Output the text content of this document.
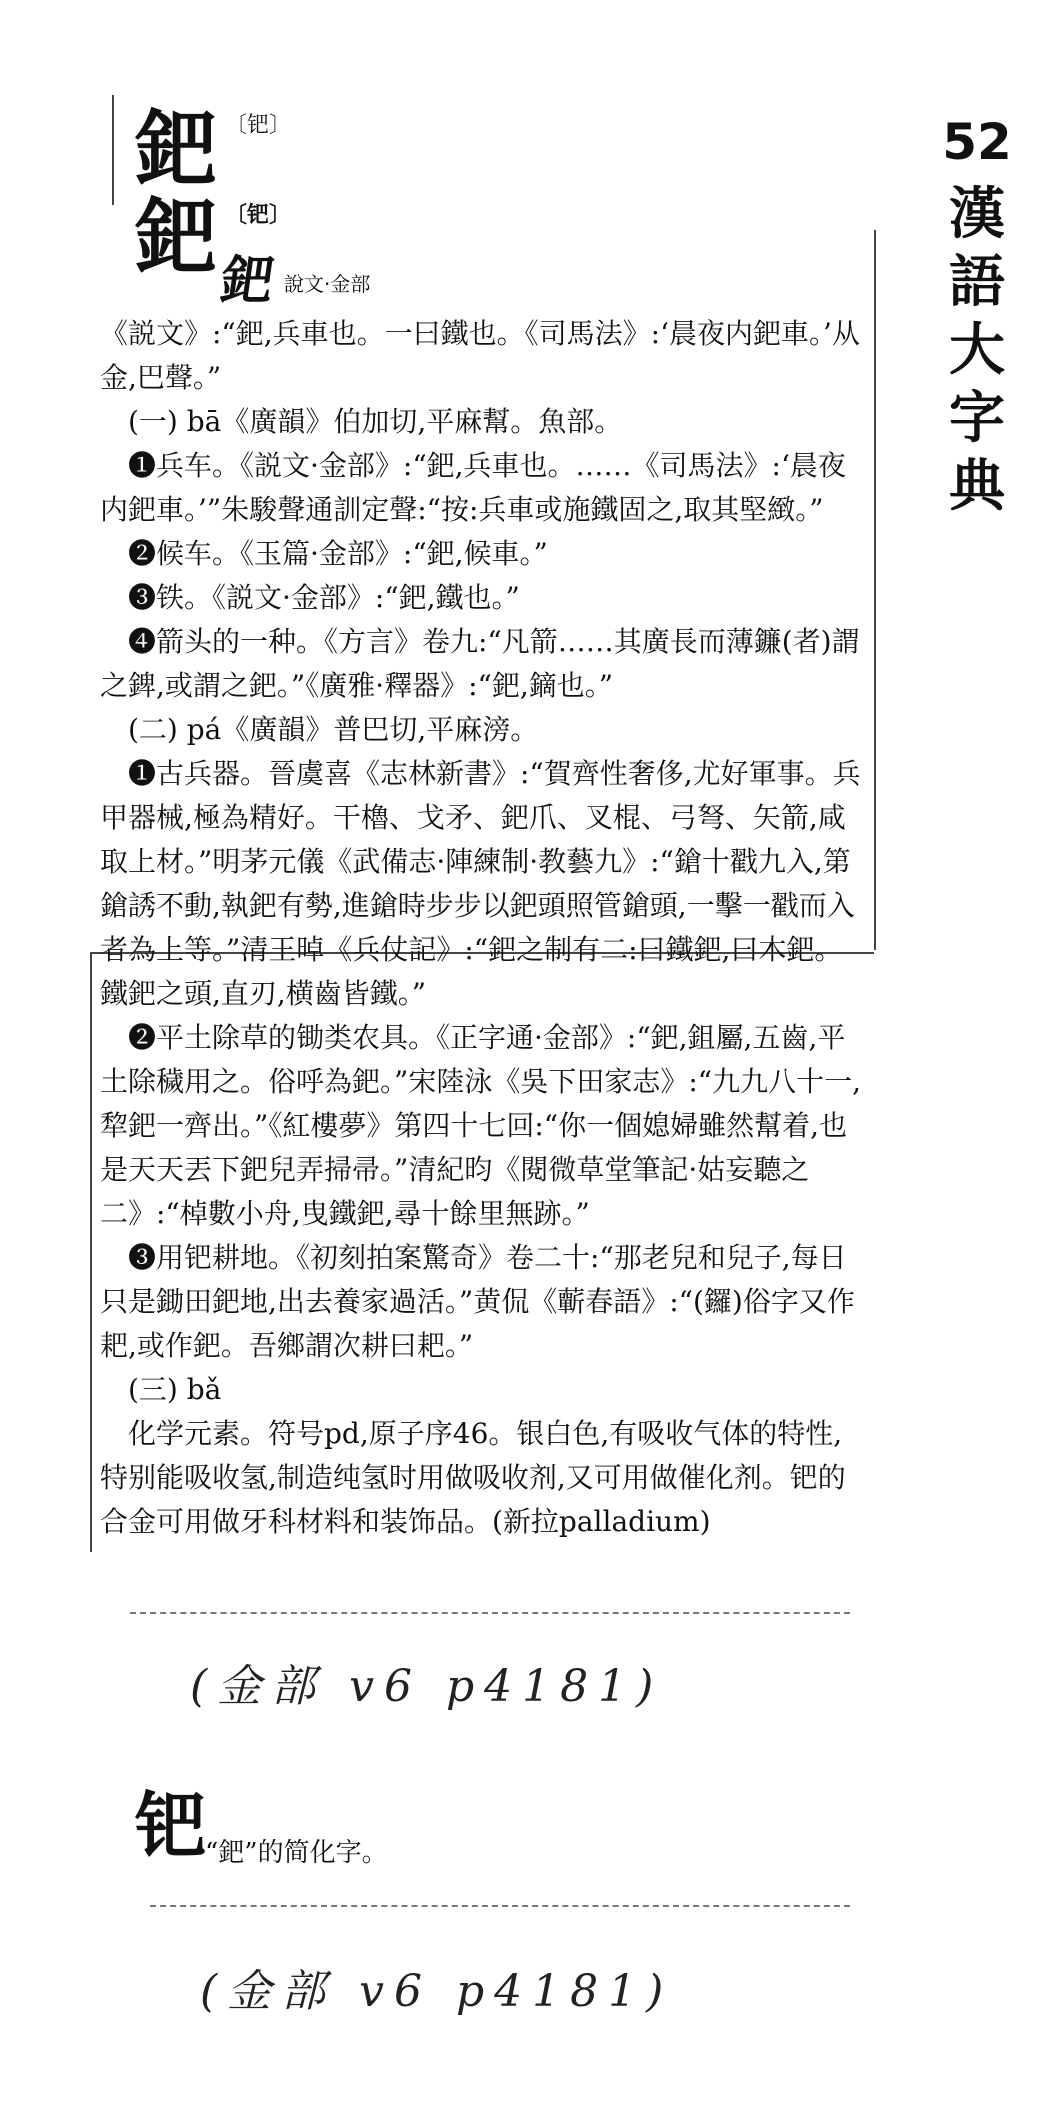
52
漢
語
大
字
典
鈀 〔钯〕
鈀 〔钯〕
鈀 說文·金部

《説文》:“鈀,兵車也。一曰鐵也。《司馬法》:‘晨夜内鈀車。’从金,巴聲。”

(一) bā《廣韻》伯加切,平麻幫。魚部。

❶兵车。《説文·金部》:“鈀,兵車也。……《司馬法》:‘晨夜内鈀車。’”朱駿聲通訓定聲:“按:兵車或施鐵固之,取其堅緻。”

❷候车。《玉篇·金部》:“鈀,候車。”

❸铁。《説文·金部》:“鈀,鐵也。”

❹箭头的一种。《方言》卷九:“凡箭……其廣長而薄鐮(者)謂之錍,或謂之鈀。”《廣雅·釋器》:“鈀,鏑也。”

(二) pá《廣韻》普巴切,平麻滂。

❶古兵器。晉虞喜《志林新書》:“賀齊性奢侈,尤好軍事。兵甲器械,極為精好。干櫓、戈矛、鈀爪、叉棍、弓弩、矢箭,咸取上材。”明茅元儀《武備志·陣練制·教藝九》:“鎗十戳九入,第鎗誘不動,執鈀有勢,進鎗時步步以鈀頭照管鎗頭,一擊一戳而入者為上等。”清王晫《兵仗記》:“鈀之制有二:曰鐵鈀,曰木鈀。鐵鈀之頭,直刃,横齒皆鐵。”

❷平土除草的锄类农具。《正字通·金部》:“鈀,鉏屬,五齒,平土除穢用之。俗呼為鈀。”宋陸泳《吳下田家志》:“九九八十一,犂鈀一齊出。”《紅樓夢》第四十七回:“你一個媳婦雖然幫着,也是天天丟下鈀兒弄掃帚。”清紀昀《閱微草堂筆記·姑妄聽之二》:“棹數小舟,曳鐵鈀,尋十餘里無跡。”

❸用钯耕地。《初刻拍案驚奇》卷二十:“那老兒和兒子,每日只是鋤田鈀地,出去養家過活。”黄侃《蘄春語》:“(鑼)俗字又作耙,或作鈀。吾鄉謂次耕曰耙。”

(三) bǎ

化学元素。符号pd,原子序46。银白色,有吸收气体的特性,特别能吸收氢,制造纯氢时用做吸收剂,又可用做催化剂。钯的合金可用做牙科材料和装饰品。(新拉palladium)

(金部 v6 p4181)
钯
“鈀”的简化字。
(金部 v6 p4181)
